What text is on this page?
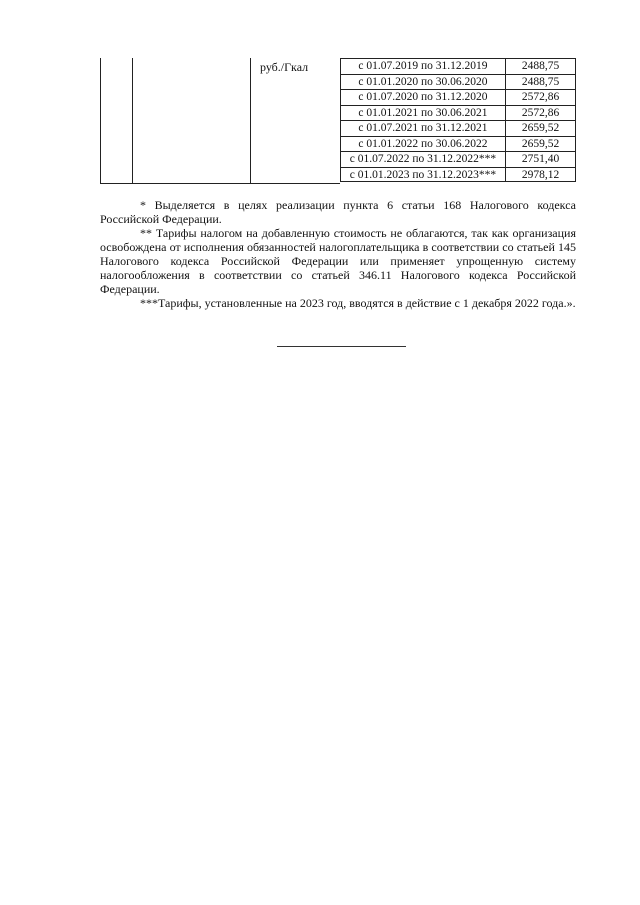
руб./Гкал	с 01.07.2019 по 31.12.2019	2488,75
с 01.01.2020 по 30.06.2020	2488,75
с 01.07.2020 по 31.12.2020	2572,86
с 01.01.2021 по 30.06.2021	2572,86
с 01.07.2021 по 31.12.2021	2659,52
с 01.01.2022 по 30.06.2022	2659,52
с 01.07.2022 по 31.12.2022***	2751,40
с 01.01.2023 по 31.12.2023***	2978,12

* Выделяется в целях реализации пункта 6 статьи 168 Налогового кодекса Российской Федерации.

** Тарифы налогом на добавленную стоимость не облагаются, так как организация освобождена от исполнения обязанностей налогоплательщика в соответствии со статьей 145 Налогового кодекса Российской Федерации или применяет упрощенную систему налогообложения в соответствии со статьей 346.11 Налогового кодекса Российской Федерации.

***Тарифы, установленные на 2023 год, вводятся в действие с 1 декабря 2022 года.».
